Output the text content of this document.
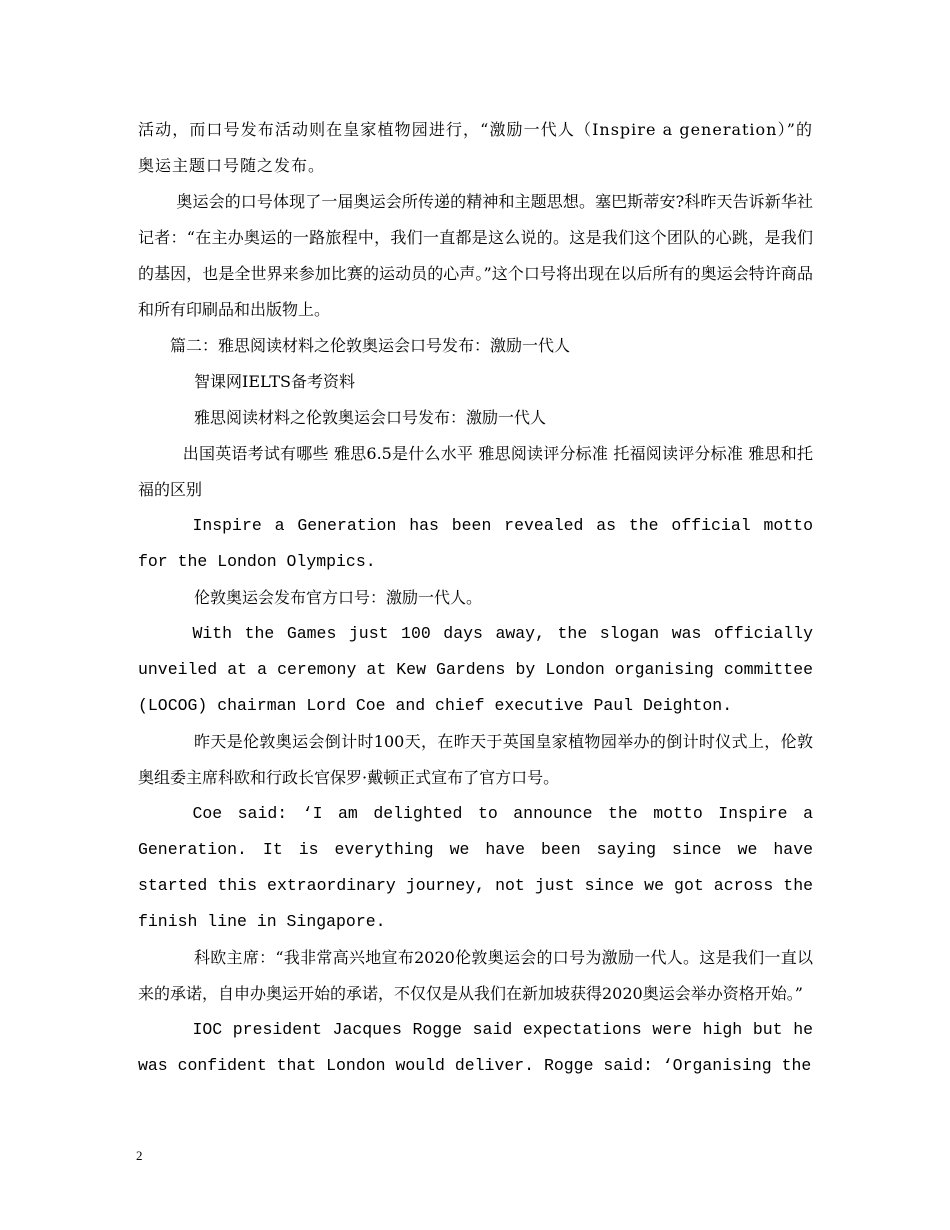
活动，而口号发布活动则在皇家植物园进行，“激励一代人（Inspire a generation）”的奥运主题口号随之发布。

奥运会的口号体现了一届奥运会所传递的精神和主题思想。塞巴斯蒂安?科昨天告诉新华社记者：“在主办奥运的一路旅程中，我们一直都是这么说的。这是我们这个团队的心跳，是我们的基因，也是全世界来参加比赛的运动员的心声。”这个口号将出现在以后所有的奥运会特许商品和所有印刷品和出版物上。

篇二：雅思阅读材料之伦敦奥运会口号发布：激励一代人

智课网IELTS备考资料

雅思阅读材料之伦敦奥运会口号发布：激励一代人

出国英语考试有哪些 雅思6.5是什么水平 雅思阅读评分标准 托福阅读评分标准 雅思和托福的区别

Inspire a Generation has been revealed as the official motto for the London Olympics.

伦敦奥运会发布官方口号：激励一代人。

With the Games just 100 days away, the slogan was officially unveiled at a ceremony at Kew Gardens by London organising committee (LOCOG) chairman Lord Coe and chief executive Paul Deighton.

昨天是伦敦奥运会倒计时100天，在昨天于英国皇家植物园举办的倒计时仪式上，伦敦奥组委主席科欧和行政长官保罗·戴顿正式宣布了官方口号。

Coe said: ‘I am delighted to announce the motto Inspire a Generation. It is everything we have been saying since we have started this extraordinary journey, not just since we got across the finish line in Singapore.

科欧主席：“我非常高兴地宣布2020伦敦奥运会的口号为激励一代人。这是我们一直以来的承诺，自申办奥运开始的承诺，不仅仅是从我们在新加坡获得2020奥运会举办资格开始。”

IOC president Jacques Rogge said expectations were high but he was confident that London would deliver. Rogge said: ‘Organising the

2
